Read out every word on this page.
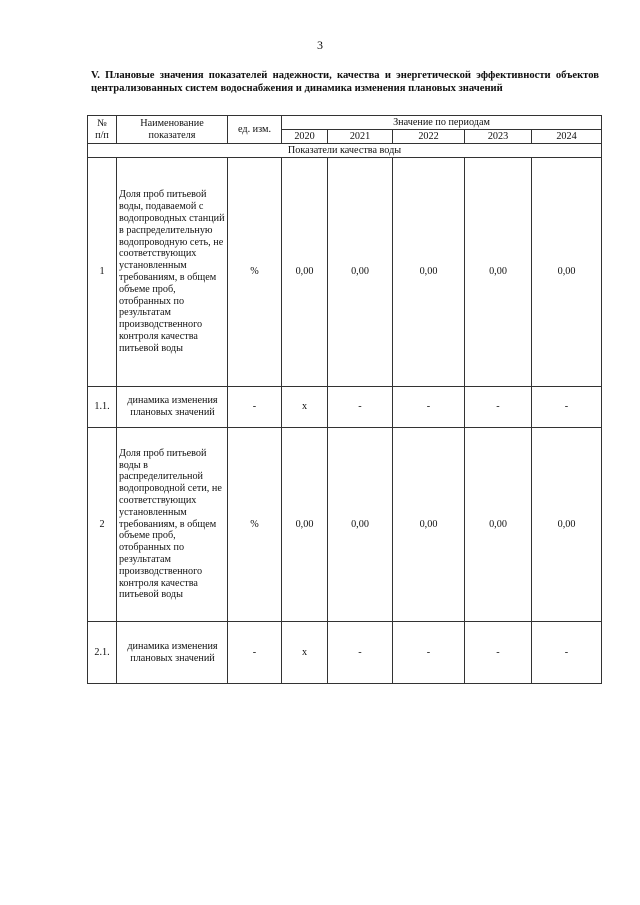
3
V. Плановые значения показателей надежности, качества и энергетической эффективности объектов централизованных систем водоснабжения и динамика изменения плановых значений
№
п/п	Наименование показателя	ед. изм.	Значение по периодам				
			2020	2021	2022	2023	2024
Показатели качества воды							
1	Доля проб питьевой воды, подаваемой с водопроводных станций в распределительную водопроводную сеть, не соответствующих установленным требованиям, в общем объеме проб, отобранных по результатам производственного контроля качества питьевой воды	%	0,00	0,00	0,00	0,00	0,00
1.1.	динамика изменения плановых значений	-	х	-	-	-	-
2	Доля проб питьевой воды в распределительной водопроводной сети, не соответствующих установленным требованиям, в общем объеме проб, отобранных по результатам производственного контроля качества питьевой воды	%	0,00	0,00	0,00	0,00	0,00
2.1.	динамика изменения плановых значений	-	х	-	-	-	-
